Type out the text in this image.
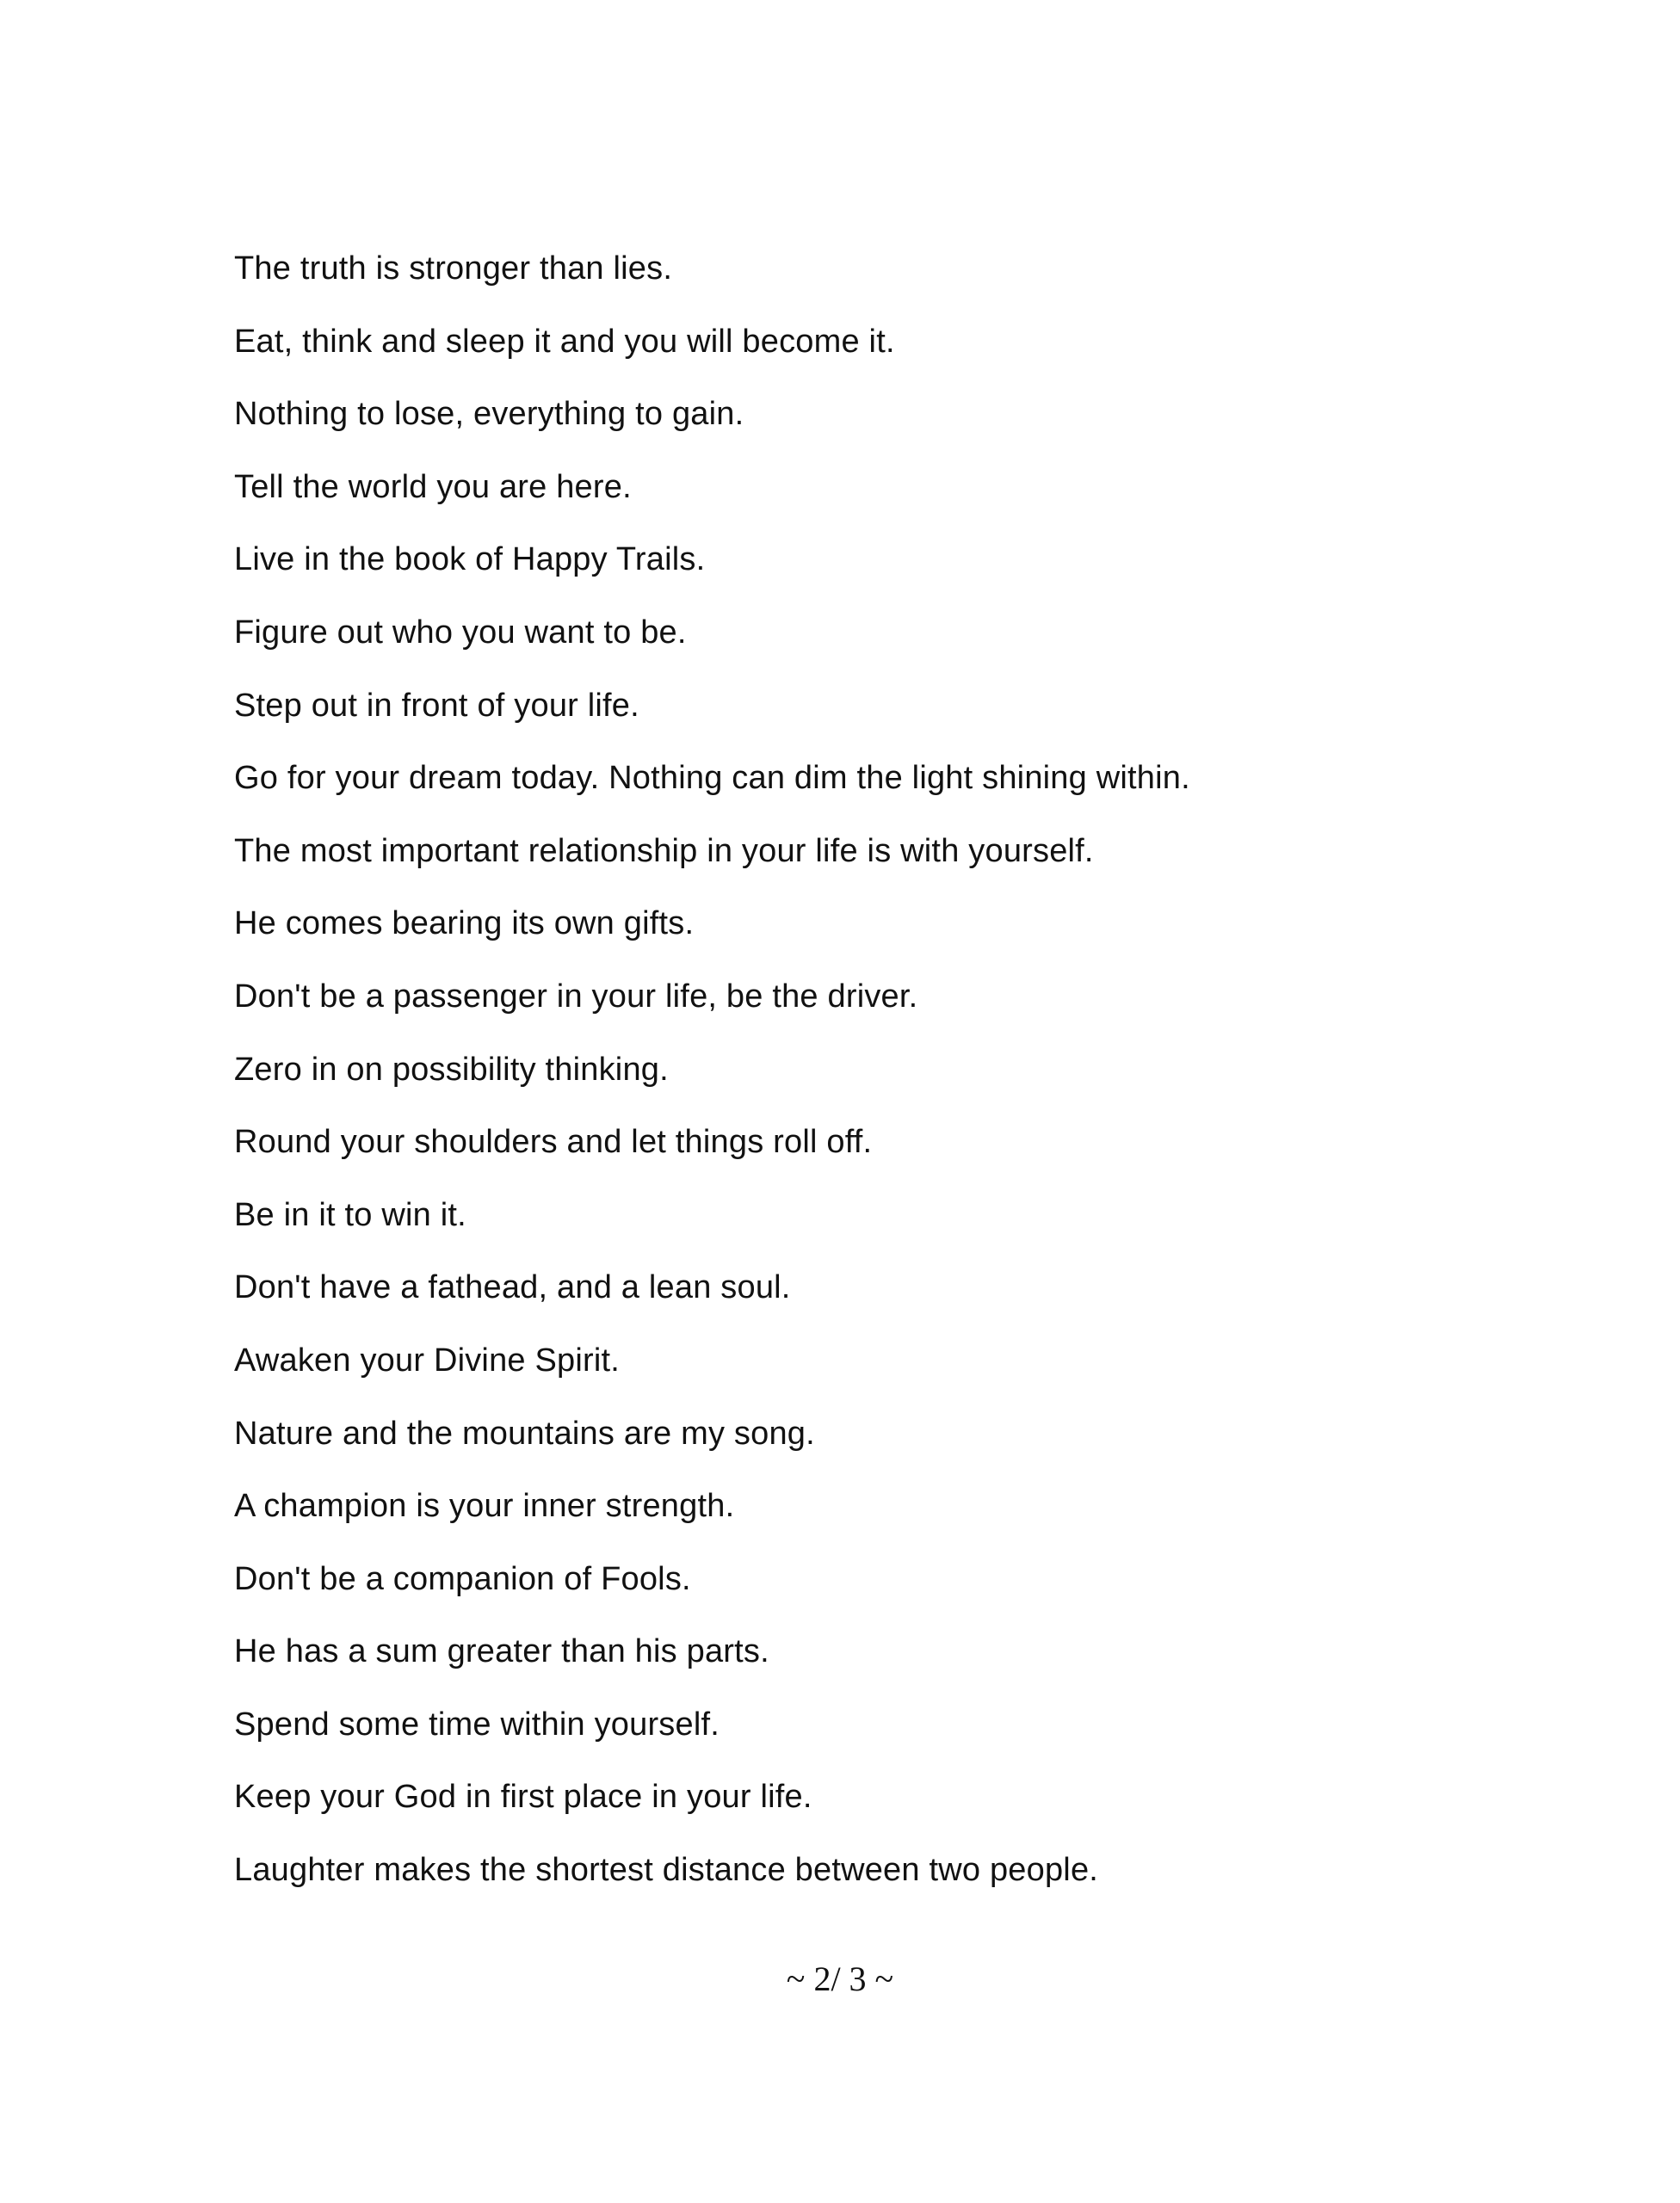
The truth is stronger than lies.
Eat, think and sleep it and you will become it.
Nothing to lose, everything to gain.
Tell the world you are here.
Live in the book of Happy Trails.
Figure out who you want to be.
Step out in front of your life.
Go for your dream today. Nothing can dim the light shining within.
The most important relationship in your life is with yourself.
He comes bearing its own gifts.
Don't be a passenger in your life, be the driver.
Zero in on possibility thinking.
Round your shoulders and let things roll off.
Be in it to win it.
Don't have a fathead, and a lean soul.
Awaken your Divine Spirit.
Nature and the mountains are my song.
A champion is your inner strength.
Don't be a companion of Fools.
He has a sum greater than his parts.
Spend some time within yourself.
Keep your God in first place in your life.
Laughter makes the shortest distance between two people.
~ 2/ 3 ~
